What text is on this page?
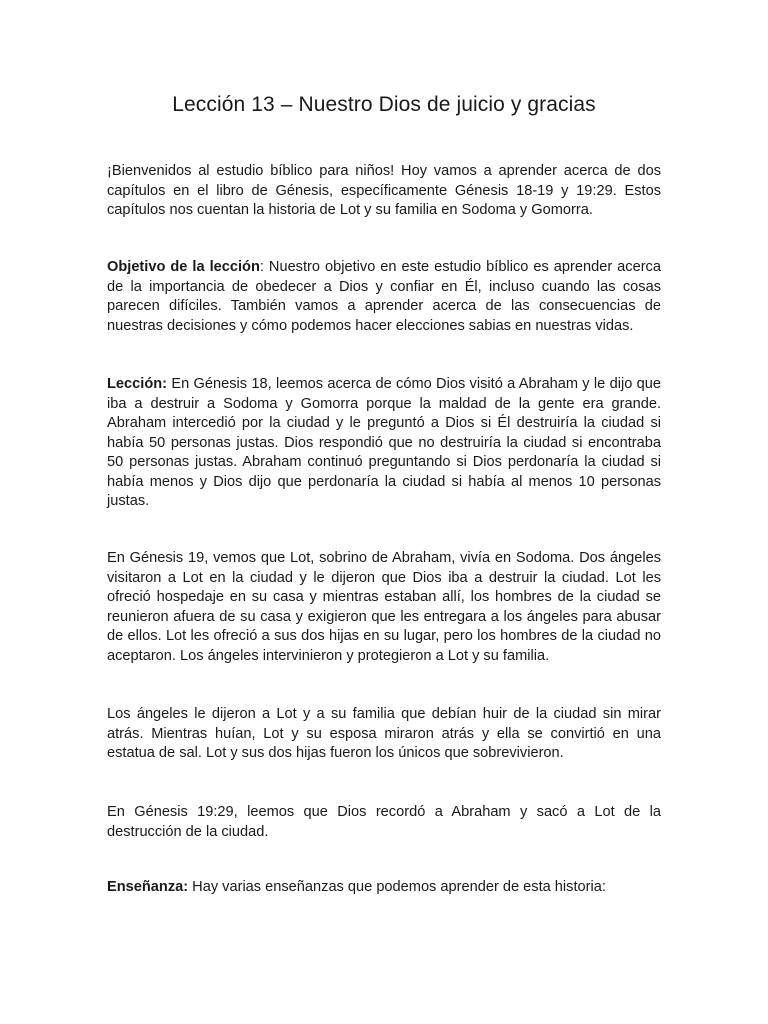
Lección 13 – Nuestro Dios de juicio y gracias

¡Bienvenidos al estudio bíblico para niños! Hoy vamos a aprender acerca de dos capítulos en el libro de Génesis, específicamente Génesis 18-19 y 19:29. Estos capítulos nos cuentan la historia de Lot y su familia en Sodoma y Gomorra.

Objetivo de la lección: Nuestro objetivo en este estudio bíblico es aprender acerca de la importancia de obedecer a Dios y confiar en Él, incluso cuando las cosas parecen difíciles. También vamos a aprender acerca de las consecuencias de nuestras decisiones y cómo podemos hacer elecciones sabias en nuestras vidas.

Lección: En Génesis 18, leemos acerca de cómo Dios visitó a Abraham y le dijo que iba a destruir a Sodoma y Gomorra porque la maldad de la gente era grande. Abraham intercedió por la ciudad y le preguntó a Dios si Él destruiría la ciudad si había 50 personas justas. Dios respondió que no destruiría la ciudad si encontraba 50 personas justas. Abraham continuó preguntando si Dios perdonaría la ciudad si había menos y Dios dijo que perdonaría la ciudad si había al menos 10 personas justas.

En Génesis 19, vemos que Lot, sobrino de Abraham, vivía en Sodoma. Dos ángeles visitaron a Lot en la ciudad y le dijeron que Dios iba a destruir la ciudad. Lot les ofreció hospedaje en su casa y mientras estaban allí, los hombres de la ciudad se reunieron afuera de su casa y exigieron que les entregara a los ángeles para abusar de ellos. Lot les ofreció a sus dos hijas en su lugar, pero los hombres de la ciudad no aceptaron. Los ángeles intervinieron y protegieron a Lot y su familia.

Los ángeles le dijeron a Lot y a su familia que debían huir de la ciudad sin mirar atrás. Mientras huían, Lot y su esposa miraron atrás y ella se convirtió en una estatua de sal. Lot y sus dos hijas fueron los únicos que sobrevivieron.

En Génesis 19:29, leemos que Dios recordó a Abraham y sacó a Lot de la destrucción de la ciudad.

Enseñanza: Hay varias enseñanzas que podemos aprender de esta historia:
